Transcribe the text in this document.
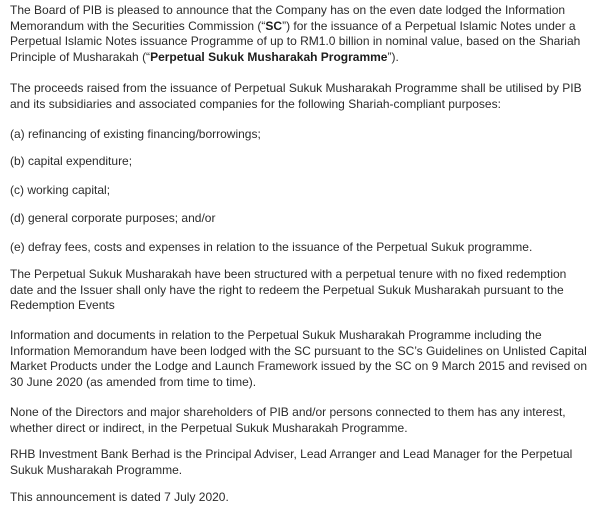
The Board of PIB is pleased to announce that the Company has on the even date lodged the Information
Memorandum with the Securities Commission (“SC”) for the issuance of a Perpetual Islamic Notes under a
Perpetual Islamic Notes issuance Programme of up to RM1.0 billion in nominal value, based on the Shariah
Principle of Musharakah (“Perpetual Sukuk Musharakah Programme”).

The proceeds raised from the issuance of Perpetual Sukuk Musharakah Programme shall be utilised by PIB
and its subsidiaries and associated companies for the following Shariah-compliant purposes:

(a) refinancing of existing financing/borrowings;

(b) capital expenditure;

(c) working capital;

(d) general corporate purposes; and/or

(e) defray fees, costs and expenses in relation to the issuance of the Perpetual Sukuk programme.

The Perpetual Sukuk Musharakah have been structured with a perpetual tenure with no fixed redemption
date and the Issuer shall only have the right to redeem the Perpetual Sukuk Musharakah pursuant to the
Redemption Events

Information and documents in relation to the Perpetual Sukuk Musharakah Programme including the
Information Memorandum have been lodged with the SC pursuant to the SC’s Guidelines on Unlisted Capital
Market Products under the Lodge and Launch Framework issued by the SC on 9 March 2015 and revised on
30 June 2020 (as amended from time to time).

None of the Directors and major shareholders of PIB and/or persons connected to them has any interest,
whether direct or indirect, in the Perpetual Sukuk Musharakah Programme.

RHB Investment Bank Berhad is the Principal Adviser, Lead Arranger and Lead Manager for the Perpetual
Sukuk Musharakah Programme.

This announcement is dated 7 July 2020.
